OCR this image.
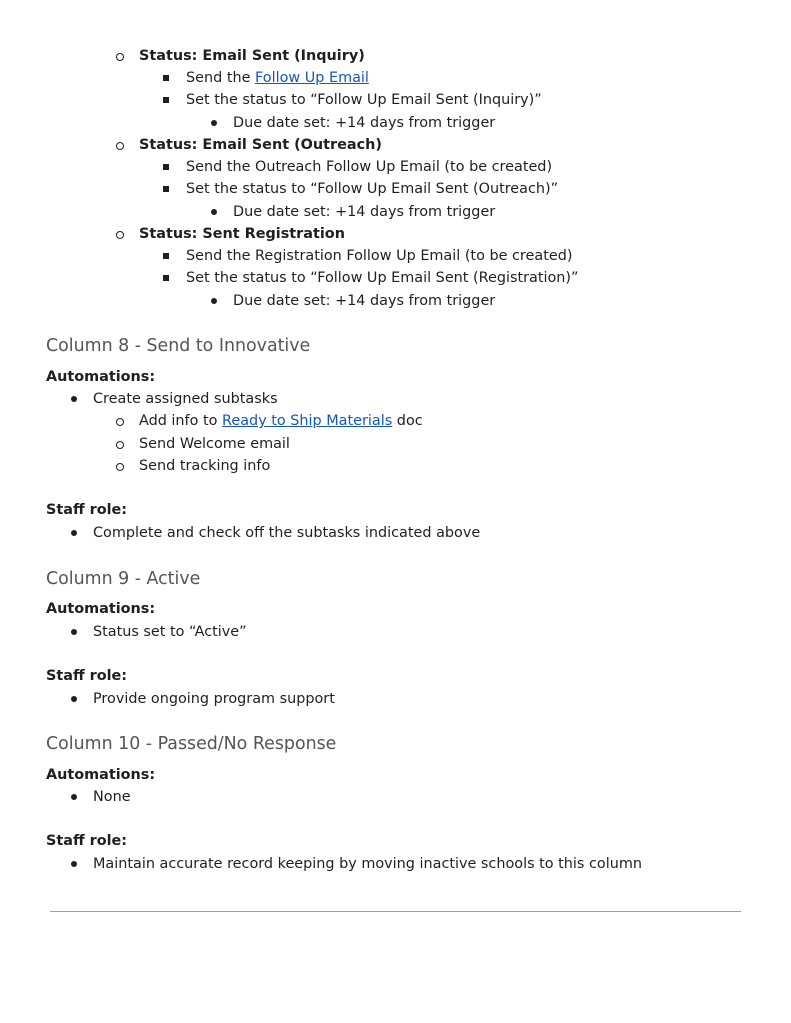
Status: Email Sent (Inquiry)
Send the Follow Up Email
Set the status to “Follow Up Email Sent (Inquiry)”
Due date set: +14 days from trigger
Status: Email Sent (Outreach)
Send the Outreach Follow Up Email (to be created)
Set the status to “Follow Up Email Sent (Outreach)”
Due date set: +14 days from trigger
Status: Sent Registration
Send the Registration Follow Up Email (to be created)
Set the status to “Follow Up Email Sent (Registration)”
Due date set: +14 days from trigger
Column 8 - Send to Innovative
Automations:
Create assigned subtasks
Add info to Ready to Ship Materials doc
Send Welcome email
Send tracking info
Staff role:
Complete and check off the subtasks indicated above
Column 9 - Active
Automations:
Status set to “Active”
Staff role:
Provide ongoing program support
Column 10 - Passed/No Response
Automations:
None
Staff role:
Maintain accurate record keeping by moving inactive schools to this column
